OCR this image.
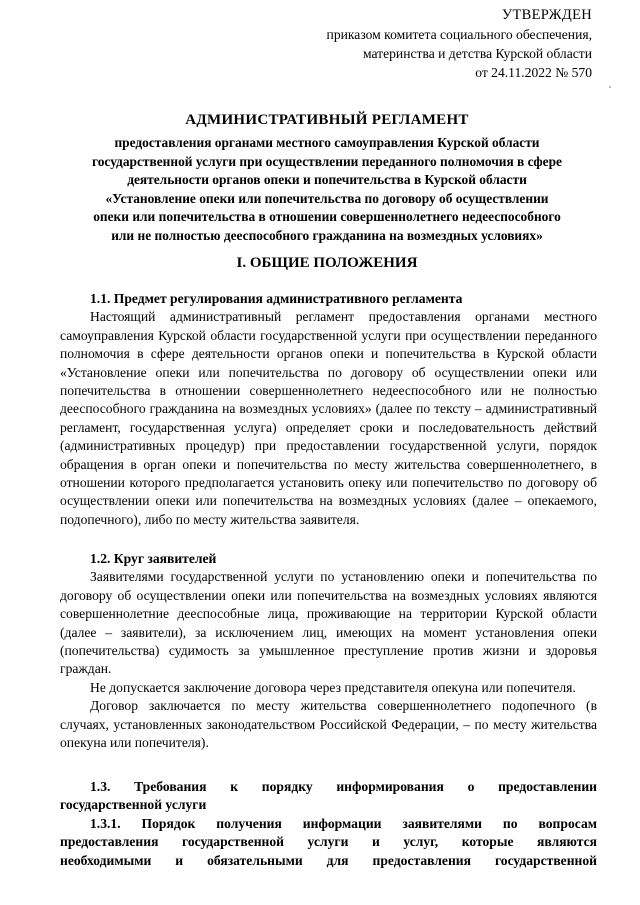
УТВЕРЖДЕН
приказом комитета социального обеспечения,
материнства и детства Курской области
от 24.11.2022 № 570
АДМИНИСТРАТИВНЫЙ РЕГЛАМЕНТ
предоставления органами местного самоуправления Курской области
государственной услуги при осуществлении переданного полномочия в сфере
деятельности органов опеки и попечительства в Курской области
«Установление опеки или попечительства по договору об осуществлении
опеки или попечительства в отношении совершеннолетнего недееспособного
или не полностью дееспособного гражданина на возмездных условиях»
I. ОБЩИЕ ПОЛОЖЕНИЯ

1.1. Предмет регулирования административного регламента

Настоящий административный регламент предоставления органами местного самоуправления Курской области государственной услуги при осуществлении переданного полномочия в сфере деятельности органов опеки и попечительства в Курской области «Установление опеки или попечительства по договору об осуществлении опеки или попечительства в отношении совершеннолетнего недееспособного или не полностью дееспособного гражданина на возмездных условиях» (далее по тексту – административный регламент, государственная услуга) определяет сроки и последовательность действий (административных процедур) при предоставлении государственной услуги, порядок обращения в орган опеки и попечительства по месту жительства совершеннолетнего, в отношении которого предполагается установить опеку или попечительство по договору об осуществлении опеки или попечительства на возмездных условиях (далее – опекаемого, подопечного), либо по месту жительства заявителя.

1.2. Круг заявителей

Заявителями государственной услуги по установлению опеки и попечительства по договору об осуществлении опеки или попечительства на возмездных условиях являются совершеннолетние дееспособные лица, проживающие на территории Курской области (далее – заявители), за исключением лиц, имеющих на момент установления опеки (попечительства) судимость за умышленное преступление против жизни и здоровья граждан.

Не допускается заключение договора через представителя опекуна или попечителя.

Договор заключается по месту жительства совершеннолетнего подопечного (в случаях, установленных законодательством Российской Федерации, – по месту жительства опекуна или попечителя).

1.3. Требования к порядку информирования о предоставлении

государственной услуги

1.3.1. Порядок получения информации заявителями по вопросам

предоставления государственной услуги и услуг, которые являются

необходимыми и обязательными для предоставления государственной
